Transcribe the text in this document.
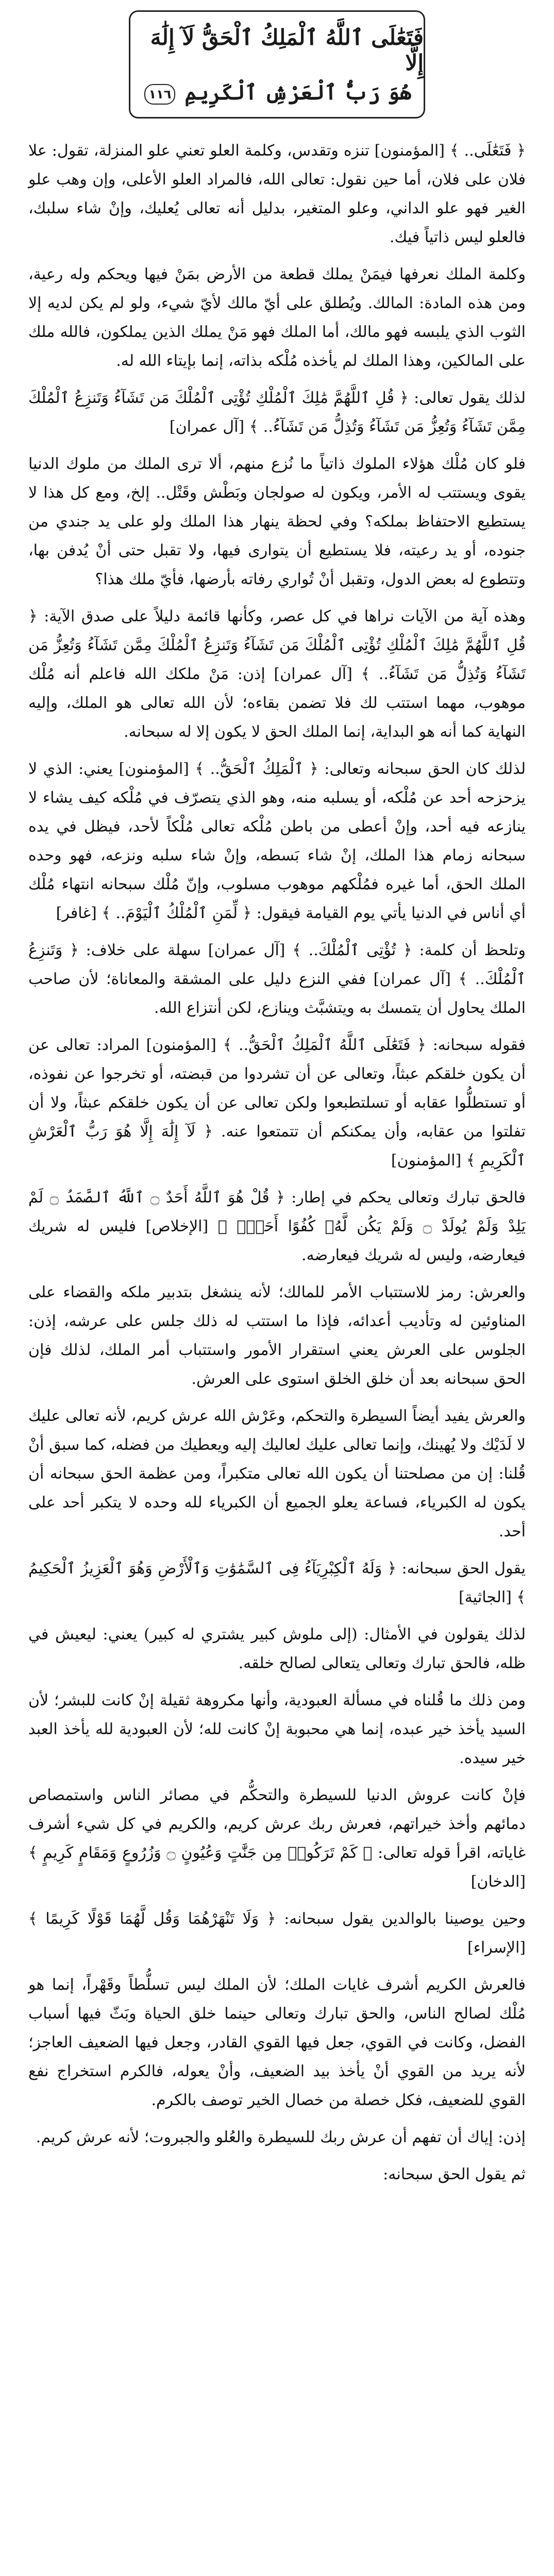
فَتَعَٰلَى ٱللَّهُ ٱلْمَلِكُ ٱلْحَقُّ لَآ إِلَٰهَ إِلَّا
هُوَ رَبُّ ٱلْعَرْشِ ٱلْكَرِيمِ ١١٦

﴿ فَتَعَٰلَى.. ﴾ [المؤمنون] تنزه وتقدس، وكلمة العلو تعني علو المنزلة، تقول: علا فلان على فلان، أما حين نقول: تعالى الله، فالمراد العلو الأعلى، وإن وهب علو الغير فهو علو الداني، وعلو المتغير، بدليل أنه تعالى يُعليك، وإنْ شاء سلبك، فالعلو ليس ذاتياً فيك.

وكلمة الملك نعرفها فيمَنْ يملك قطعة من الأرض بمَنْ فيها ويحكم وله رعية، ومن هذه المادة: المالك. ويُطلق على أيّ مالك لأيّ شيء، ولو لم يكن لديه إلا الثوب الذي يلبسه فهو مالك، أما الملك فهو مَنْ يملك الذين يملكون، فالله ملك على المالكين، وهذا الملك لم يأخذه مُلْكه بذاته، إنما بإيتاء الله له.

لذلك يقول تعالى: ﴿ قُلِ ٱللَّهُمَّ مَٰلِكَ ٱلْمُلْكِ تُؤْتِى ٱلْمُلْكَ مَن تَشَآءُ وَتَنزِعُ ٱلْمُلْكَ مِمَّن تَشَآءُ وَتُعِزُّ مَن تَشَآءُ وَتُذِلُّ مَن تَشَآءُ.. ﴾ [آل عمران]

فلو كان مُلْك هؤلاء الملوك ذاتياً ما نُزع منهم، ألا ترى الملك من ملوك الدنيا يقوى ويستتب له الأمر، ويكون له صولجان وبَطْش وقَتْل.. إلخ، ومع كل هذا لا يستطيع الاحتفاظ بملكه؟ وفي لحظة ينهار هذا الملك ولو على يد جندي من جنوده، أو يد رعيته، فلا يستطيع أن يتوارى فيها، ولا تقبل حتى أنْ يُدفن بها، وتتطوع له بعض الدول، وتقبل أنْ تُواري رفاته بأرضها، فأيّ ملك هذا؟

وهذه آية من الآيات نراها في كل عصر، وكأنها قائمة دليلاً على صدق الآية: ﴿ قُلِ ٱللَّهُمَّ مَٰلِكَ ٱلْمُلْكِ تُؤْتِى ٱلْمُلْكَ مَن تَشَآءُ وَتَنزِعُ ٱلْمُلْكَ مِمَّن تَشَآءُ وَتُعِزُّ مَن تَشَآءُ وَتُذِلُّ مَن تَشَآءُ.. ﴾ [آل عمران] إذن: مَنْ ملكك الله فاعلم أنه مُلْك موهوب، مهما استتب لك فلا تضمن بقاءه؛ لأن الله تعالى هو الملك، وإليه النهاية كما أنه هو البداية، إنما الملك الحق لا يكون إلا له سبحانه.

لذلك كان الحق سبحانه وتعالى: ﴿ ٱلْمَلِكُ ٱلْحَقُّ.. ﴾ [المؤمنون] يعني: الذي لا يزحزحه أحد عن مُلْكه، أو يسلبه منه، وهو الذي يتصرّف في مُلْكه كيف يشاء لا ينازعه فيه أحد، وإنْ أعطى من باطن مُلْكه تعالى مُلْكاً لأحد، فيظل في يده سبحانه زمام هذا الملك، إنْ شاء بَسطه، وإنْ شاء سلبه ونزعه، فهو وحده الملك الحق، أما غيره فمُلْكهم موهوب مسلوب، وإنّ مُلْك سبحانه انتهاء مُلْك أي أناس في الدنيا يأتي يوم القيامة فيقول: ﴿ لِّمَنِ ٱلْمُلْكُ ٱلْيَوْمَ.. ﴾ [غافر]

وتلحظ أن كلمة: ﴿ تُؤْتِى ٱلْمُلْكَ.. ﴾ [آل عمران] سهلة على خلاف: ﴿ وَتَنزِعُ ٱلْمُلْكَ.. ﴾ [آل عمران] ففي النزع دليل على المشقة والمعاناة؛ لأن صاحب الملك يحاول أن يتمسك به ويتشبَّث وينازع، لكن أنتزاع الله.

فقوله سبحانه: ﴿ فَتَعَٰلَى ٱللَّهُ ٱلْمَلِكُ ٱلْحَقُّ.. ﴾ [المؤمنون] المراد: تعالى عن أن يكون خلقكم عبثاً، وتعالى عن أن تشردوا من قبضته، أو تخرجوا عن نفوذه، أو تستطلُّوا عقابه أو تسلتطبعوا ولكن تعالى عن أن يكون خلقكم عبثاً، ولا أن تفلتوا من عقابه، وأن يمكنكم أن تتمتعوا عنه. ﴿ لَآ إِلَٰهَ إِلَّا هُوَ رَبُّ ٱلْعَرْشِ ٱلْكَرِيمِ ﴾ [المؤمنون]

فالحق تبارك وتعالى يحكم في إطار: ﴿ قُلْ هُوَ ٱللَّهُ أَحَدٌ ۝ ٱللَّهُ ٱلصَّمَدُ ۝ لَمْ يَلِدْ وَلَمْ يُولَدْ ۝ وَلَمْ يَكُن لَّهُۥ كُفُوًا أَحَدٌۢ ﴾ [الإخلاص] فليس له شريك فيعارضه، وليس له شريك فيعارضه.

والعرش: رمز للاستتباب الأمر للمالك؛ لأنه ينشغل بتدبير ملكه والقضاء على المناوئين له وتأديب أعدائه، فإذا ما استتب له ذلك جلس على عرشه، إذن: الجلوس على العرش يعني استقرار الأمور واستتباب أمر الملك، لذلك فإن الحق سبحانه بعد أن خلق الخلق استوى على العرش.

والعرش يفيد أيضاً السيطرة والتحكم، وعَرْش الله عرش كريم، لأنه تعالى عليك لا لَدَيْك ولا يُهينك، وإنما تعالى عليك لعاليك إليه ويعطيك من فضله، كما سبق أنْ قُلنا: إن من مصلحتنا أن يكون الله تعالى متكبراً، ومن عظمة الحق سبحانه أن يكون له الكبرياء، فساعة يعلو الجميع أن الكبرياء لله وحده لا يتكبر أحد على أحد.

يقول الحق سبحانه: ﴿ وَلَهُ ٱلْكِبْرِيَآءُ فِى ٱلسَّمَٰوَٰتِ وَٱلْأَرْضِ وَهُوَ ٱلْعَزِيزُ ٱلْحَكِيمُ ﴾ [الجاثية]

لذلك يقولون في الأمثال: (إلى ملوش كبير يشتري له كبير) يعني: ليعيش في ظله، فالحق تبارك وتعالى يتعالى لصالح خلقه.

ومن ذلك ما قُلناه في مسألة العبودية، وأنها مكروهة ثقيلة إنْ كانت للبشر؛ لأن السيد يأخذ خير عبده، إنما هي محبوبة إنْ كانت لله؛ لأن العبودية لله يأخذ العبد خير سيده.

فإنْ كانت عروش الدنيا للسيطرة والتحكُّم في مصائر الناس واستمصاص دمائهم وأخذ خيراتهم، فعرش ربك عرش كريم، والكريم في كل شيء أشرف غاياته، اقرأ قوله تعالى: ﴿ كَمْ تَرَكُوا۟ مِن جَنَّٰتٍ وَعُيُونٍ ۝ وَزُرُوعٍ وَمَقَامٍ كَرِيمٍ ﴾ [الدخان]

وحين يوصينا بالوالدين يقول سبحانه: ﴿ وَلَا تَنْهَرْهُمَا وَقُل لَّهُمَا قَوْلًا كَرِيمًا ﴾ [الإسراء]

فالعرش الكريم أشرف غايات الملك؛ لأن الملك ليس تسلُّطاً وقَهْراً، إنما هو مُلْك لصالح الناس، والحق تبارك وتعالى حينما خلق الحياة وبَثّ فيها أسباب الفضل، وكانت في القوي، جعل فيها القوي القادر، وجعل فيها الضعيف العاجز؛ لأنه يريد من القوي أنْ يأخذ بيد الضعيف، وأنْ يعوله، فالكرم استخراج نفع القوي للضعيف، فكل خصلة من خصال الخير توصف بالكرم.

إذن: إياك أن تفهم أن عرش ربك للسيطرة والعُلو والجبروت؛ لأنه عرش كريم.

ثم يقول الحق سبحانه:
